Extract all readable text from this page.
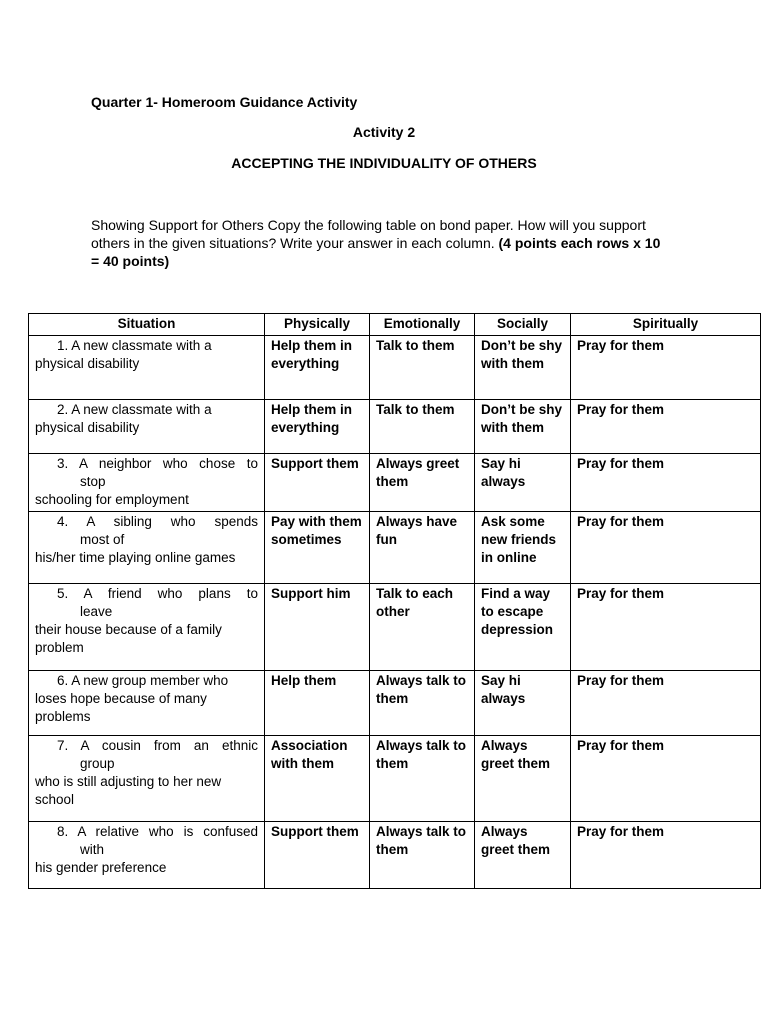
Quarter 1- Homeroom Guidance Activity
Activity 2
ACCEPTING THE INDIVIDUALITY OF OTHERS
Showing Support for Others Copy the following table on bond paper. How will you support others in the given situations? Write your answer in each column. (4 points each rows x 10 = 40 points)
Situation	Physically	Emotionally	Socially	Spiritually

1. A new classmate with a
physical disability	Help them in everything	Talk to them	Don’t be shy with them	Pray for them

2. A new classmate with a
physical disability	Help them in everything	Talk to them	Don’t be shy with them	Pray for them

3. A neighbor who chose to
stop
schooling for employment	Support them	Always greet them	Say hi always	Pray for them

4. A sibling who spends
most of
his/her time playing online games	Pay with them sometimes	Always have fun	Ask some new friends in online	Pray for them

5. A friend who plans to
leave
their house because of a family problem	Support him	Talk to each other	Find a way to escape depression	Pray for them

6. A new group member who
loses hope because of many problems	Help them	Always talk to them	Say hi always	Pray for them

7. A cousin from an ethnic
group
who is still adjusting to her new school	Association with them	Always talk to them	Always greet them	Pray for them

8. A relative who is confused
with
his gender preference	Support them	Always talk to them	Always greet them	Pray for them
